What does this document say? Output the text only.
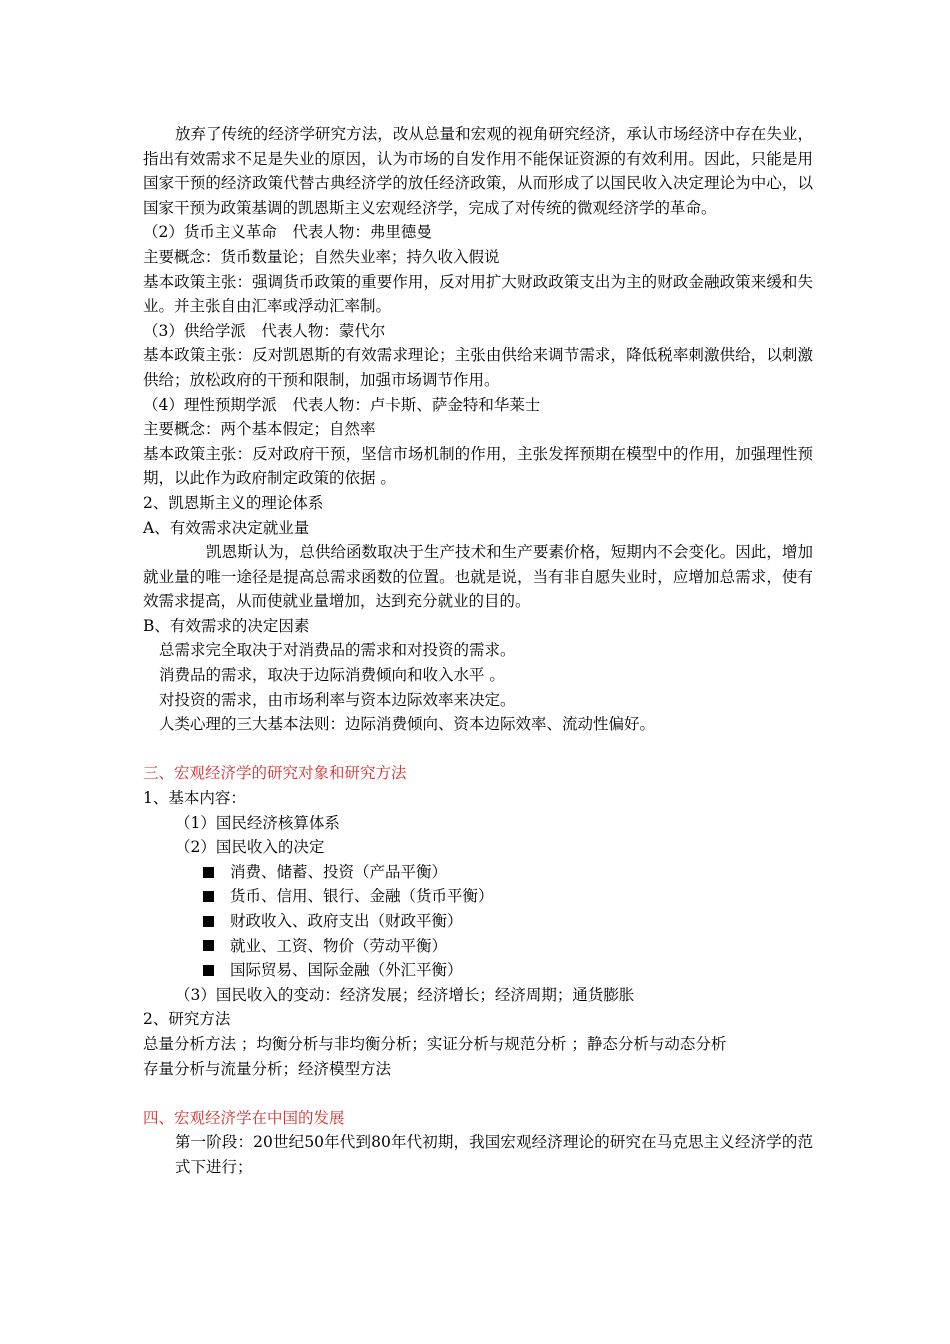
放弃了传统的经济学研究方法，改从总量和宏观的视角研究经济，承认市场经济中存在失业，指出有效需求不足是失业的原因，认为市场的自发作用不能保证资源的有效利用。因此，只能是用国家干预的经济政策代替古典经济学的放任经济政策，从而形成了以国民收入决定理论为中心，以国家干预为政策基调的凯恩斯主义宏观经济学，完成了对传统的微观经济学的革命。

（2）货币主义革命　代表人物：弗里德曼

主要概念：货币数量论；自然失业率；持久收入假说

基本政策主张：强调货币政策的重要作用，反对用扩大财政政策支出为主的财政金融政策来缓和失业。并主张自由汇率或浮动汇率制。

（3）供给学派　代表人物：蒙代尔

基本政策主张：反对凯恩斯的有效需求理论；主张由供给来调节需求，降低税率刺激供给，以刺激供给；放松政府的干预和限制，加强市场调节作用。

（4）理性预期学派　代表人物：卢卡斯、萨金特和华莱士

主要概念：两个基本假定；自然率

基本政策主张：反对政府干预，坚信市场机制的作用，主张发挥预期在模型中的作用，加强理性预期，以此作为政府制定政策的依据 。

2、凯恩斯主义的理论体系

A、有效需求决定就业量

凯恩斯认为，总供给函数取决于生产技术和生产要素价格，短期内不会变化。因此，增加就业量的唯一途径是提高总需求函数的位置。也就是说，当有非自愿失业时，应增加总需求，使有效需求提高，从而使就业量增加，达到充分就业的目的。

B、有效需求的决定因素

总需求完全取决于对消费品的需求和对投资的需求。

消费品的需求，取决于边际消费倾向和收入水平 。

对投资的需求，由市场利率与资本边际效率来决定。

人类心理的三大基本法则：边际消费倾向、资本边际效率、流动性偏好。

三、宏观经济学的研究对象和研究方法

1、基本内容：

（1）国民经济核算体系

（2）国民收入的决定

消费、储蓄、投资（产品平衡）
货币、信用、银行、金融（货币平衡）
财政收入、政府支出（财政平衡）
就业、工资、物价（劳动平衡）
国际贸易、国际金融（外汇平衡）

（3）国民收入的变动：经济发展；经济增长；经济周期；通货膨胀

2、研究方法

总量分析方法 ；均衡分析与非均衡分析；实证分析与规范分析 ；静态分析与动态分析

存量分析与流量分析；经济模型方法

四、宏观经济学在中国的发展

第一阶段：20世纪50年代到80年代初期，我国宏观经济理论的研究在马克思主义经济学的范式下进行；
